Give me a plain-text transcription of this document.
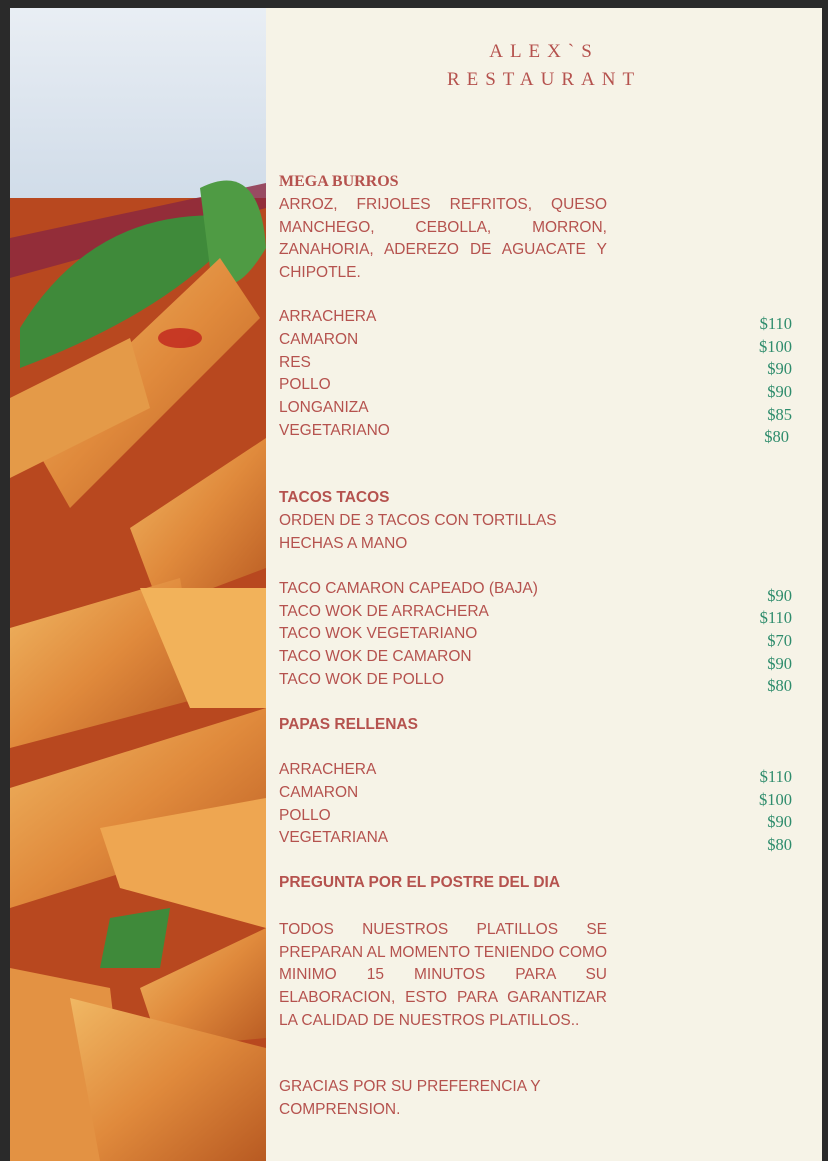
ALEX`S
RESTAURANT
MEGA BURROS
ARROZ, FRIJOLES REFRITOS, QUESO MANCHEGO, CEBOLLA, MORRON, ZANAHORIA, ADEREZO DE AGUACATE Y CHIPOTLE.
ARRACHERA	$110
CAMARON	$100
RES	$90
POLLO	$90
LONGANIZA	$85
VEGETARIANO	$80
TACOS TACOS
ORDEN DE 3 TACOS CON TORTILLAS
HECHAS A MANO
TACO CAMARON CAPEADO (BAJA)	$90
TACO WOK DE ARRACHERA	$110
TACO WOK VEGETARIANO	$70
TACO WOK DE CAMARON	$90
TACO WOK DE POLLO	$80
PAPAS RELLENAS
ARRACHERA	$110
CAMARON	$100
POLLO	$90
VEGETARIANA	$80
PREGUNTA POR EL POSTRE DEL DIA
TODOS NUESTROS PLATILLOS SE PREPARAN AL MOMENTO TENIENDO COMO MINIMO 15 MINUTOS PARA SU ELABORACION, ESTO PARA GARANTIZAR LA CALIDAD DE NUESTROS PLATILLOS..
GRACIAS POR SU PREFERENCIA Y
COMPRENSION.
